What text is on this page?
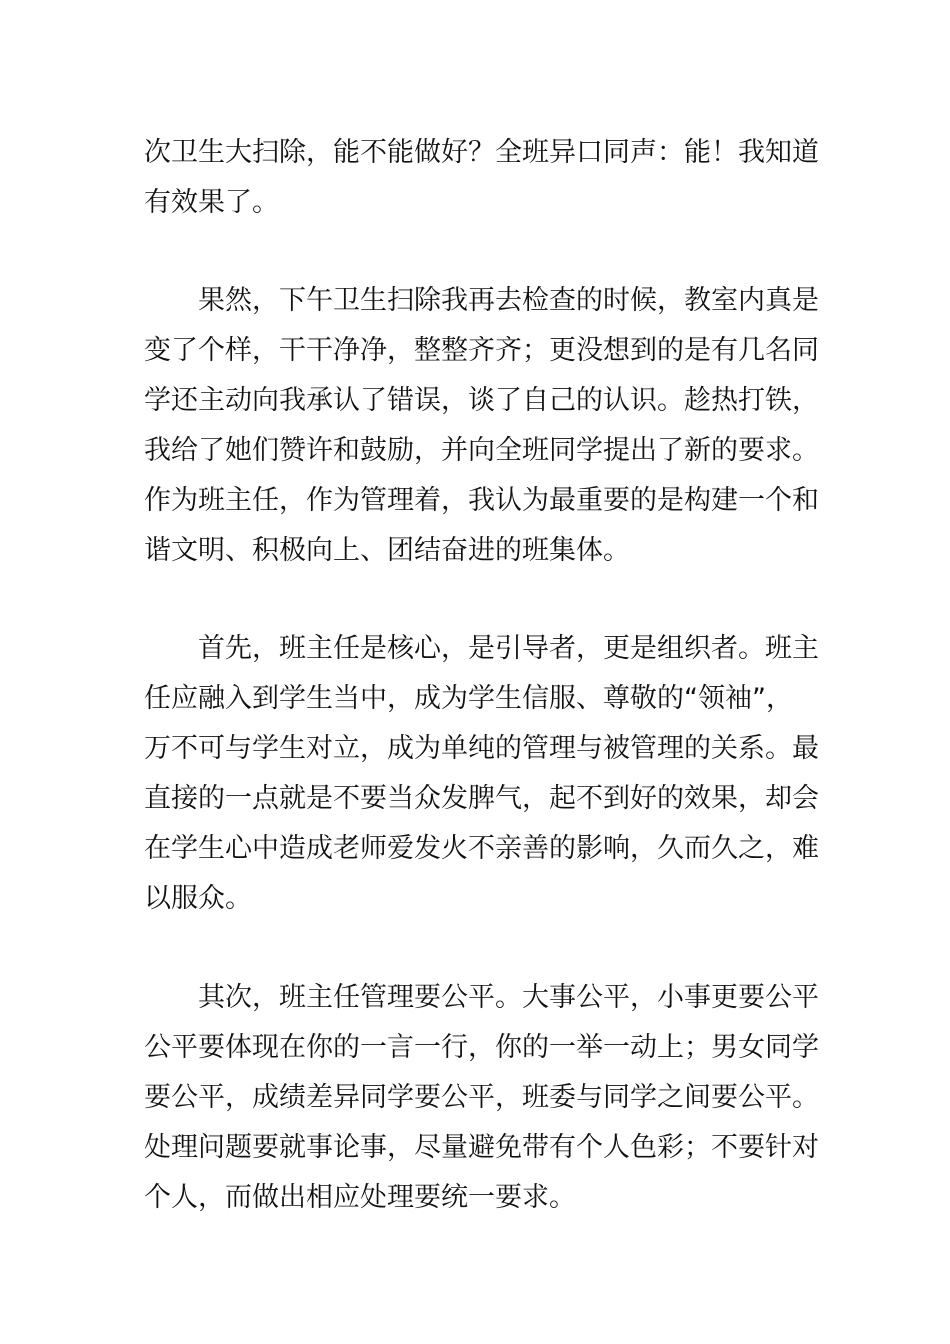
次卫生大扫除，能不能做好？全班异口同声：能！我知道
有效果了。

果然，下午卫生扫除我再去检查的时候，教室内真是
变了个样，干干净净，整整齐齐；更没想到的是有几名同
学还主动向我承认了错误，谈了自己的认识。趁热打铁，
我给了她们赞许和鼓励，并向全班同学提出了新的要求。
作为班主任，作为管理着，我认为最重要的是构建一个和
谐文明、积极向上、团结奋进的班集体。

首先，班主任是核心，是引导者，更是组织者。班主
任应融入到学生当中，成为学生信服、尊敬的“领袖”，
万不可与学生对立，成为单纯的管理与被管理的关系。最
直接的一点就是不要当众发脾气，起不到好的效果，却会
在学生心中造成老师爱发火不亲善的影响，久而久之，难
以服众。

其次，班主任管理要公平。大事公平，小事更要公平
公平要体现在你的一言一行，你的一举一动上；男女同学
要公平，成绩差异同学要公平，班委与同学之间要公平。
处理问题要就事论事，尽量避免带有个人色彩；不要针对
个人，而做出相应处理要统一要求。
